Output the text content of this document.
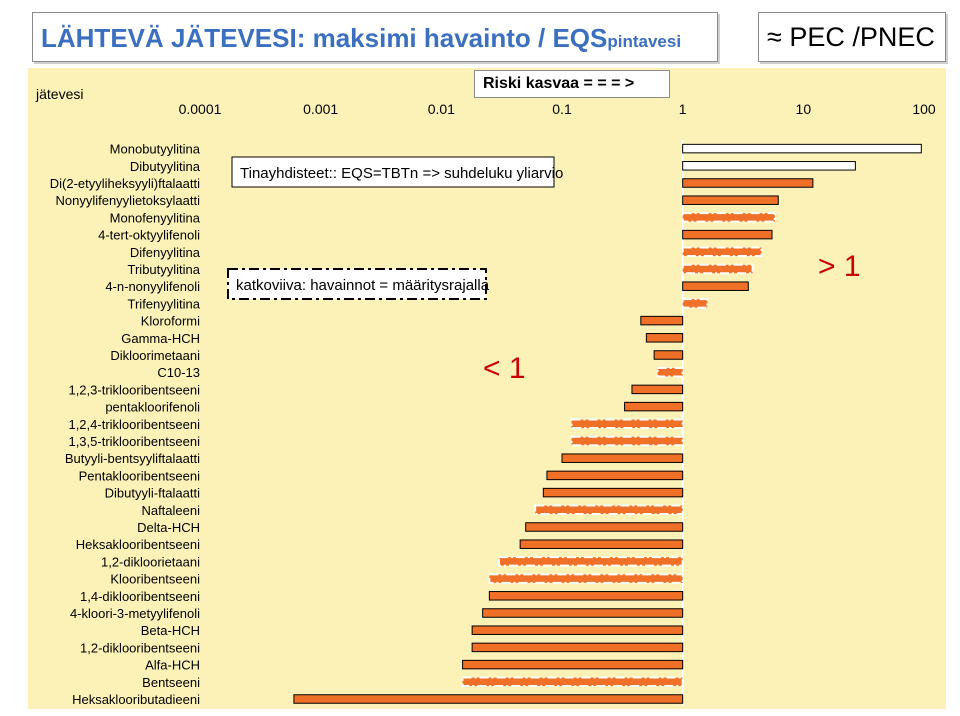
jätevesi
0.0001	0.001	0.01	0.1	1	10	100
Monobutyylitina
Dibutyylitina
Di(2-etyyliheksyyli)ftalaatti
Nonyylifenyylietoksylaatti
Monofenyylitina
4-tert-oktyylifenoli
Difenyylitina
Tributyylitina
4-n-nonyylifenoli
Trifenyylitina
Kloroformi
Gamma-HCH
Dikloorimetaani
C10-13
1,2,3-triklooribentseeni
pentakloorifenoli
1,2,4-triklooribentseeni
1,3,5-triklooribentseeni
Butyyli-bentsyyliftalaatti
Pentaklooribentseeni
Dibutyyli-ftalaatti
Naftaleeni
Delta-HCH
Heksaklooribentseeni
1,2-dikloorietaani
Klooribentseeni
1,4-diklooribentseeni
4-kloori-3-metyylifenoli
Beta-HCH
1,2-diklooribentseeni
Alfa-HCH
Bentseeni
Heksaklooributadieeni
Tinayhdisteet:: EQS=TBTn => suhdeluku yliarvio
katkoviiva: havainnot = määritysrajalla
< 1
> 1
LÄHTEVÄ JÄTEVESI: maksimi havainto / EQSpintavesi	≈ PEC /PNEC
Riski kasvaa = = = >
